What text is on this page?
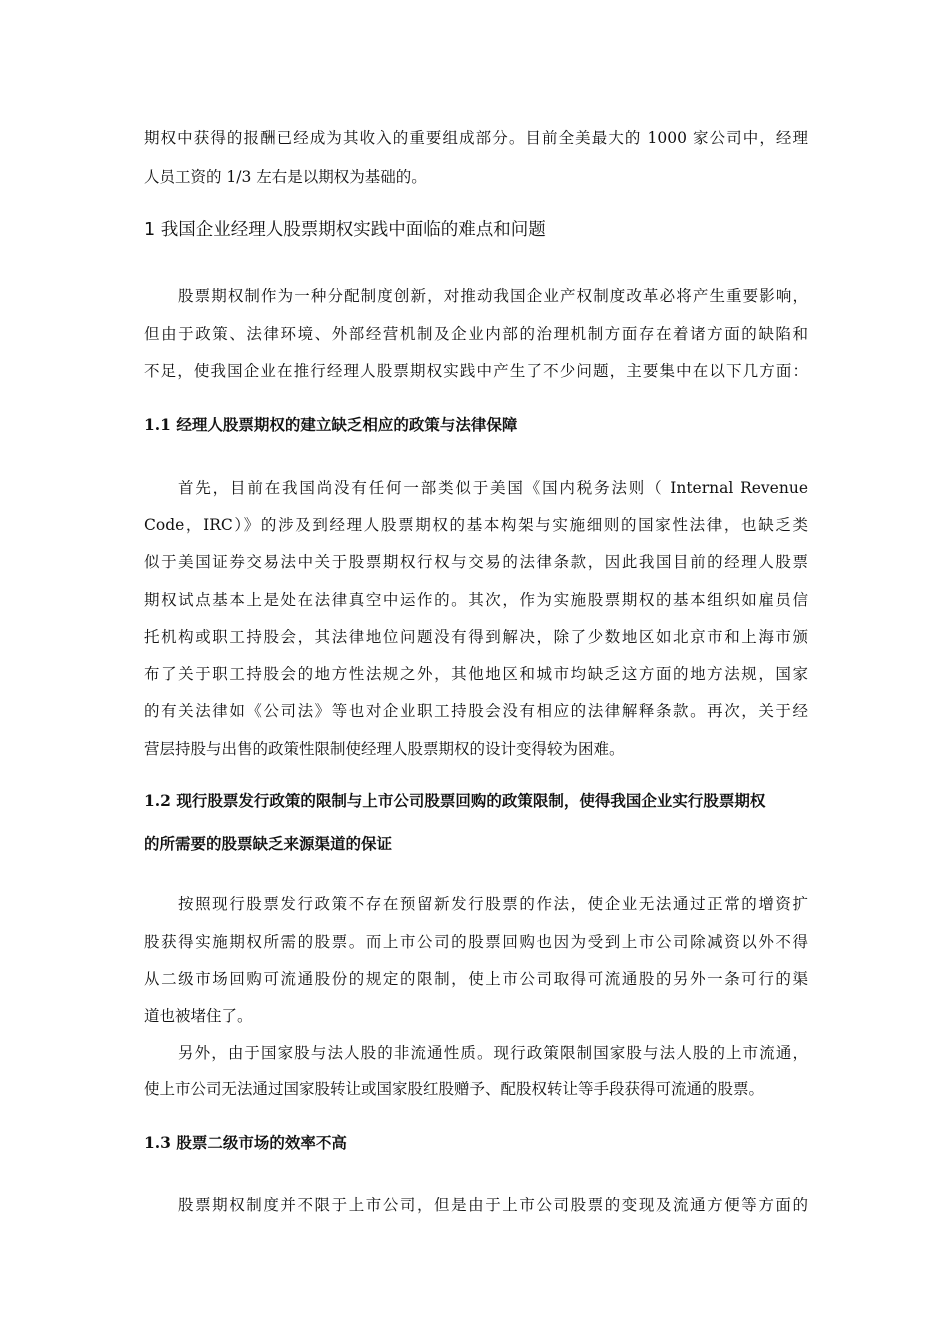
期权中获得的报酬已经成为其收入的重要组成部分。目前全美最大的 1000 家公司中，经理
人员工资的 1/3 左右是以期权为基础的。
1 我国企业经理人股票期权实践中面临的难点和问题
股票期权制作为一种分配制度创新，对推动我国企业产权制度改革必将产生重要影响，
但由于政策、法律环境、外部经营机制及企业内部的治理机制方面存在着诸方面的缺陷和
不足，使我国企业在推行经理人股票期权实践中产生了不少问题，主要集中在以下几方面：
1.1 经理人股票期权的建立缺乏相应的政策与法律保障
首先，目前在我国尚没有任何一部类似于美国《国内税务法则（ Internal Revenue
Code，IRC）》的涉及到经理人股票期权的基本构架与实施细则的国家性法律，也缺乏类
似于美国证券交易法中关于股票期权行权与交易的法律条款，因此我国目前的经理人股票
期权试点基本上是处在法律真空中运作的。其次，作为实施股票期权的基本组织如雇员信
托机构或职工持股会，其法律地位问题没有得到解决，除了少数地区如北京市和上海市颁
布了关于职工持股会的地方性法规之外，其他地区和城市均缺乏这方面的地方法规，国家
的有关法律如《公司法》等也对企业职工持股会没有相应的法律解释条款。再次，关于经
营层持股与出售的政策性限制使经理人股票期权的设计变得较为困难。
1.2 现行股票发行政策的限制与上市公司股票回购的政策限制，使得我国企业实行股票期权
的所需要的股票缺乏来源渠道的保证
按照现行股票发行政策不存在预留新发行股票的作法，使企业无法通过正常的增资扩
股获得实施期权所需的股票。而上市公司的股票回购也因为受到上市公司除减资以外不得
从二级市场回购可流通股份的规定的限制，使上市公司取得可流通股的另外一条可行的渠
道也被堵住了。
另外，由于国家股与法人股的非流通性质。现行政策限制国家股与法人股的上市流通，
使上市公司无法通过国家股转让或国家股红股赠予、配股权转让等手段获得可流通的股票。
1.3 股票二级市场的效率不高
股票期权制度并不限于上市公司，但是由于上市公司股票的变现及流通方便等方面的
